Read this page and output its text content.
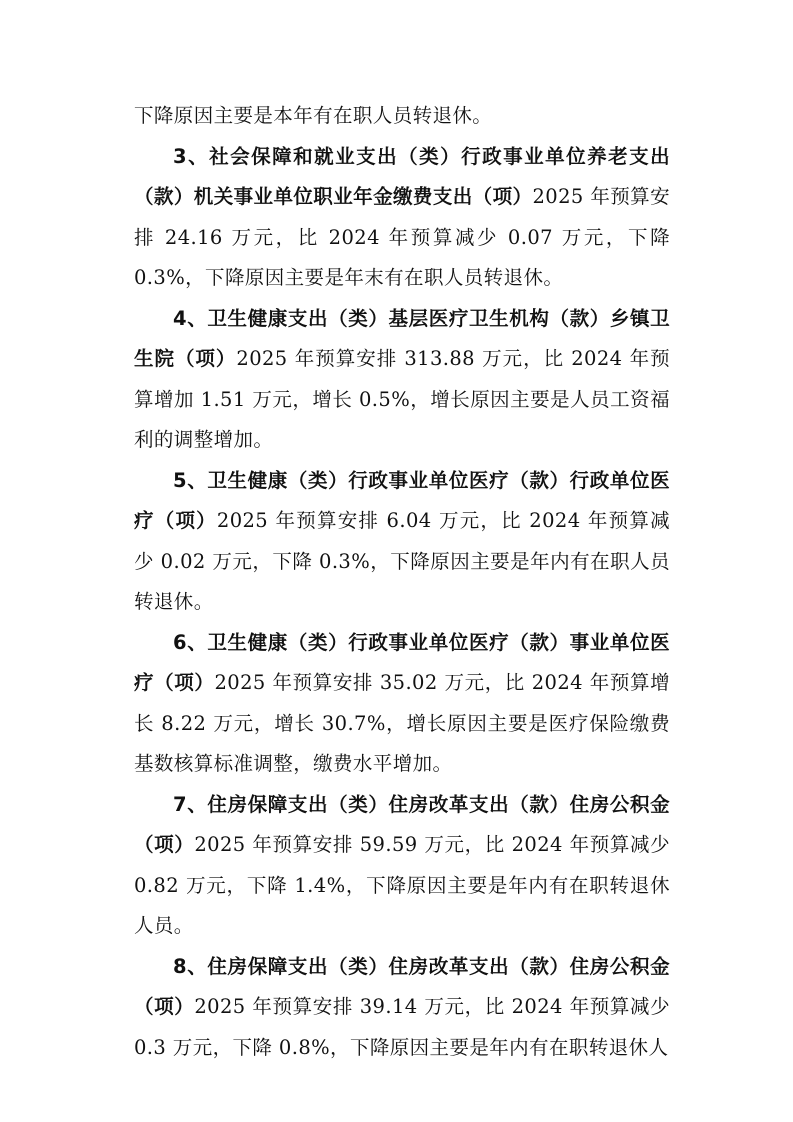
下降原因主要是本年有在职人员转退休。

3、社会保障和就业支出（类）行政事业单位养老支出（款）机关事业单位职业年金缴费支出（项）2025 年预算安排 24.16 万元，比 2024 年预算减少 0.07 万元，下降 0.3%，下降原因主要是年末有在职人员转退休。

4、卫生健康支出（类）基层医疗卫生机构（款）乡镇卫生院（项）2025 年预算安排 313.88 万元，比 2024 年预算增加 1.51 万元，增长 0.5%，增长原因主要是人员工资福利的调整增加。

5、卫生健康（类）行政事业单位医疗（款）行政单位医疗（项）2025 年预算安排 6.04 万元，比 2024 年预算减少 0.02 万元，下降 0.3%，下降原因主要是年内有在职人员转退休。

6、卫生健康（类）行政事业单位医疗（款）事业单位医疗（项）2025 年预算安排 35.02 万元，比 2024 年预算增长 8.22 万元，增长 30.7%，增长原因主要是医疗保险缴费基数核算标准调整，缴费水平增加。

7、住房保障支出（类）住房改革支出（款）住房公积金（项）2025 年预算安排 59.59 万元，比 2024 年预算减少 0.82 万元，下降 1.4%，下降原因主要是年内有在职转退休人员。

8、住房保障支出（类）住房改革支出（款）住房公积金（项）2025 年预算安排 39.14 万元，比 2024 年预算减少 0.3 万元，下降 0.8%，下降原因主要是年内有在职转退休人
